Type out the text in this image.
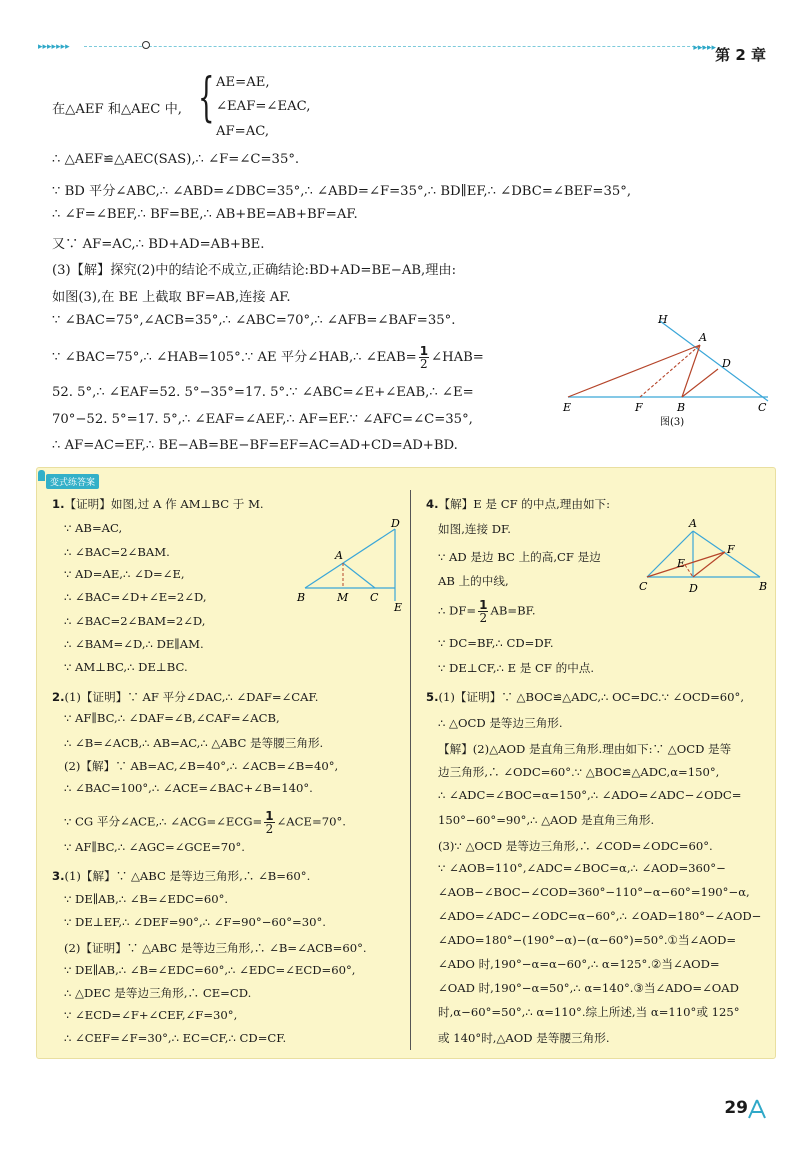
▸▸▸▸▸▸▸	▸▸▸▸▸ 第 2 章
在△AEF 和△AEC 中, { AE=AE,
∠EAF=∠EAC,
AF=AC,
∴ △AEF≌△AEC(SAS),∴ ∠F=∠C=35°.
∵ BD 平分∠ABC,∴ ∠ABD=∠DBC=35°,∴ ∠ABD=∠F=35°,∴ BD∥EF,∴ ∠DBC=∠BEF=35°,
∴ ∠F=∠BEF,∴ BF=BE,∴ AB+BE=AB+BF=AF.
又∵ AF=AC,∴ BD+AD=AB+BE.
(3)【解】探究(2)中的结论不成立,正确结论:BD+AD=BE−AB,理由:
如图(3),在 BE 上截取 BF=AB,连接 AF.
∵ ∠BAC=75°,∠ACB=35°,∴ ∠ABC=70°,∴ ∠AFB=∠BAF=35°.
∵ ∠BAC=75°,∴ ∠HAB=105°.∵ AE 平分∠HAB,∴ ∠EAB= $\frac{1}{2}$ ∠HAB=
52. 5°,∴ ∠EAF=52. 5°−35°=17. 5°.∵ ∠ABC=∠E+∠EAB,∴ ∠E=
70°−52. 5°=17. 5°,∴ ∠EAF=∠AEF,∴ AF=EF.∵ ∠AFC=∠C=35°,
∴ AF=AC=EF,∴ BE−AB=BE−BF=EF=AC=AD+CD=AD+BD.
H
A
D
E	F	B	C
图(3)
变式练答案
D
A
B	M C
E
A
F
E
C	D	B
29
1.【证明】如图,过 A 作 AM⊥BC 于 M.
∵ AB=AC,
∴ ∠BAC=2∠BAM.
∵ AD=AE,∴ ∠D=∠E,
∴ ∠BAC=∠D+∠E=2∠D,
∴ ∠BAC=2∠BAM=2∠D,
∴ ∠BAM=∠D,∴ DE∥AM.
∵ AM⊥BC,∴ DE⊥BC.
2.(1)【证明】∵ AF 平分∠DAC,∴ ∠DAF=∠CAF.
∵ AF∥BC,∴ ∠DAF=∠B,∠CAF=∠ACB,
∴ ∠B=∠ACB,∴ AB=AC,∴ △ABC 是等腰三角形.
(2)【解】∵ AB=AC,∠B=40°,∴ ∠ACB=∠B=40°,
∴ ∠BAC=100°,∴ ∠ACE=∠BAC+∠B=140°.
∵ CG 平分∠ACE,∴ ∠ACG=∠ECG= $\frac{1}{2}$ ∠ACE=70°.
∵ AF∥BC,∴ ∠AGC=∠GCE=70°.
3.(1)【解】∵ △ABC 是等边三角形,∴ ∠B=60°.
∵ DE∥AB,∴ ∠B=∠EDC=60°.
∵ DE⊥EF,∴ ∠DEF=90°,∴ ∠F=90°−60°=30°.
(2)【证明】∵ △ABC 是等边三角形,∴ ∠B=∠ACB=60°.
∵ DE∥AB,∴ ∠B=∠EDC=60°,∴ ∠EDC=∠ECD=60°,
∴ △DEC 是等边三角形,∴ CE=CD.
∵ ∠ECD=∠F+∠CEF,∠F=30°,
∴ ∠CEF=∠F=30°,∴ EC=CF,∴ CD=CF.
4.【解】E 是 CF 的中点,理由如下:
如图,连接 DF.
∵ AD 是边 BC 上的高,CF 是边
AB 上的中线,
∴ $DF= \frac{1}{2} AB=BF$.
∵ DC=BF,∴ CD=DF.
∵ DE⊥CF,∴ E 是 CF 的中点.
5.(1)【证明】∵ △BOC≌△ADC,∴ OC=DC.∵ ∠OCD=60°,
∴ △OCD 是等边三角形.
【解】(2)△AOD 是直角三角形.理由如下:∵ △OCD 是等
边三角形,∴ ∠ODC=60°.∵ △BOC≌△ADC,α=150°,
∴ ∠ADC=∠BOC=α=150°,∴ ∠ADO=∠ADC−∠ODC=
150°−60°=90°,∴ △AOD 是直角三角形.
(3)∵ △OCD 是等边三角形,∴ ∠COD=∠ODC=60°.
∵ ∠AOB=110°,∠ADC=∠BOC=α,∴ ∠AOD=360°−
∠AOB−∠BOC−∠COD=360°−110°−α−60°=190°−α,
∠ADO=∠ADC−∠ODC=α−60°,∴ ∠OAD=180°−∠AOD−
∠ADO=180°−(190°−α)−(α−60°)=50°.①当∠AOD=
∠ADO 时,190°−α=α−60°,∴ α=125°.②当∠AOD=
∠OAD 时,190°−α=50°,∴ α=140°.③当∠ADO=∠OAD
时,α−60°=50°,∴ α=110°.综上所述,当 α=110°或 125°
或 140°时,△AOD 是等腰三角形.
